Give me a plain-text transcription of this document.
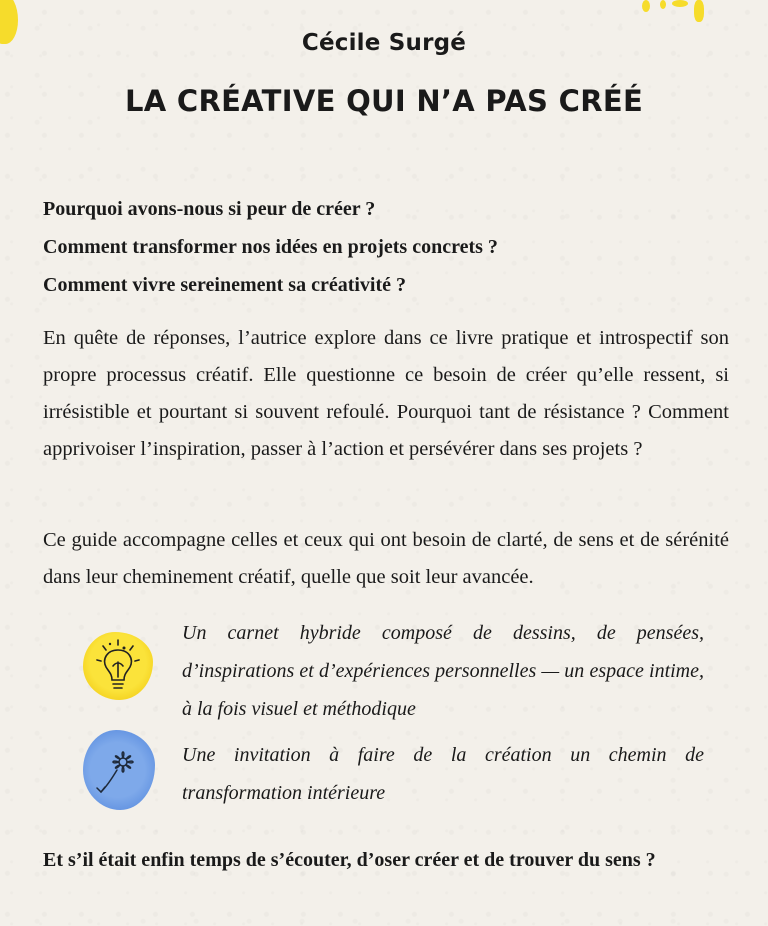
Cécile Surgé
LA CRÉATIVE QUI N’A PAS CRÉÉ
Pourquoi avons-nous si peur de créer ?
Comment transformer nos idées en projets concrets ?
Comment vivre sereinement sa créativité ?

En quête de réponses, l’autrice explore dans ce livre pratique et introspectif son propre processus créatif. Elle questionne ce besoin de créer qu’elle ressent, si irrésistible et pourtant si souvent refoulé. Pourquoi tant de résistance ? Comment apprivoiser l’inspiration, passer à l’action et persévérer dans ses projets ?

Ce guide accompagne celles et ceux qui ont besoin de clarté, de sens et de sérénité dans leur cheminement créatif, quelle que soit leur avancée.

Un carnet hybride composé de dessins, de pensées, d’inspirations et d’expériences personnelles — un espace intime, à la fois visuel et méthodique
Une invitation à faire de la création un chemin de transformation intérieure
Et s’il était enfin temps de s’écouter, d’oser créer et de trouver du sens ?
